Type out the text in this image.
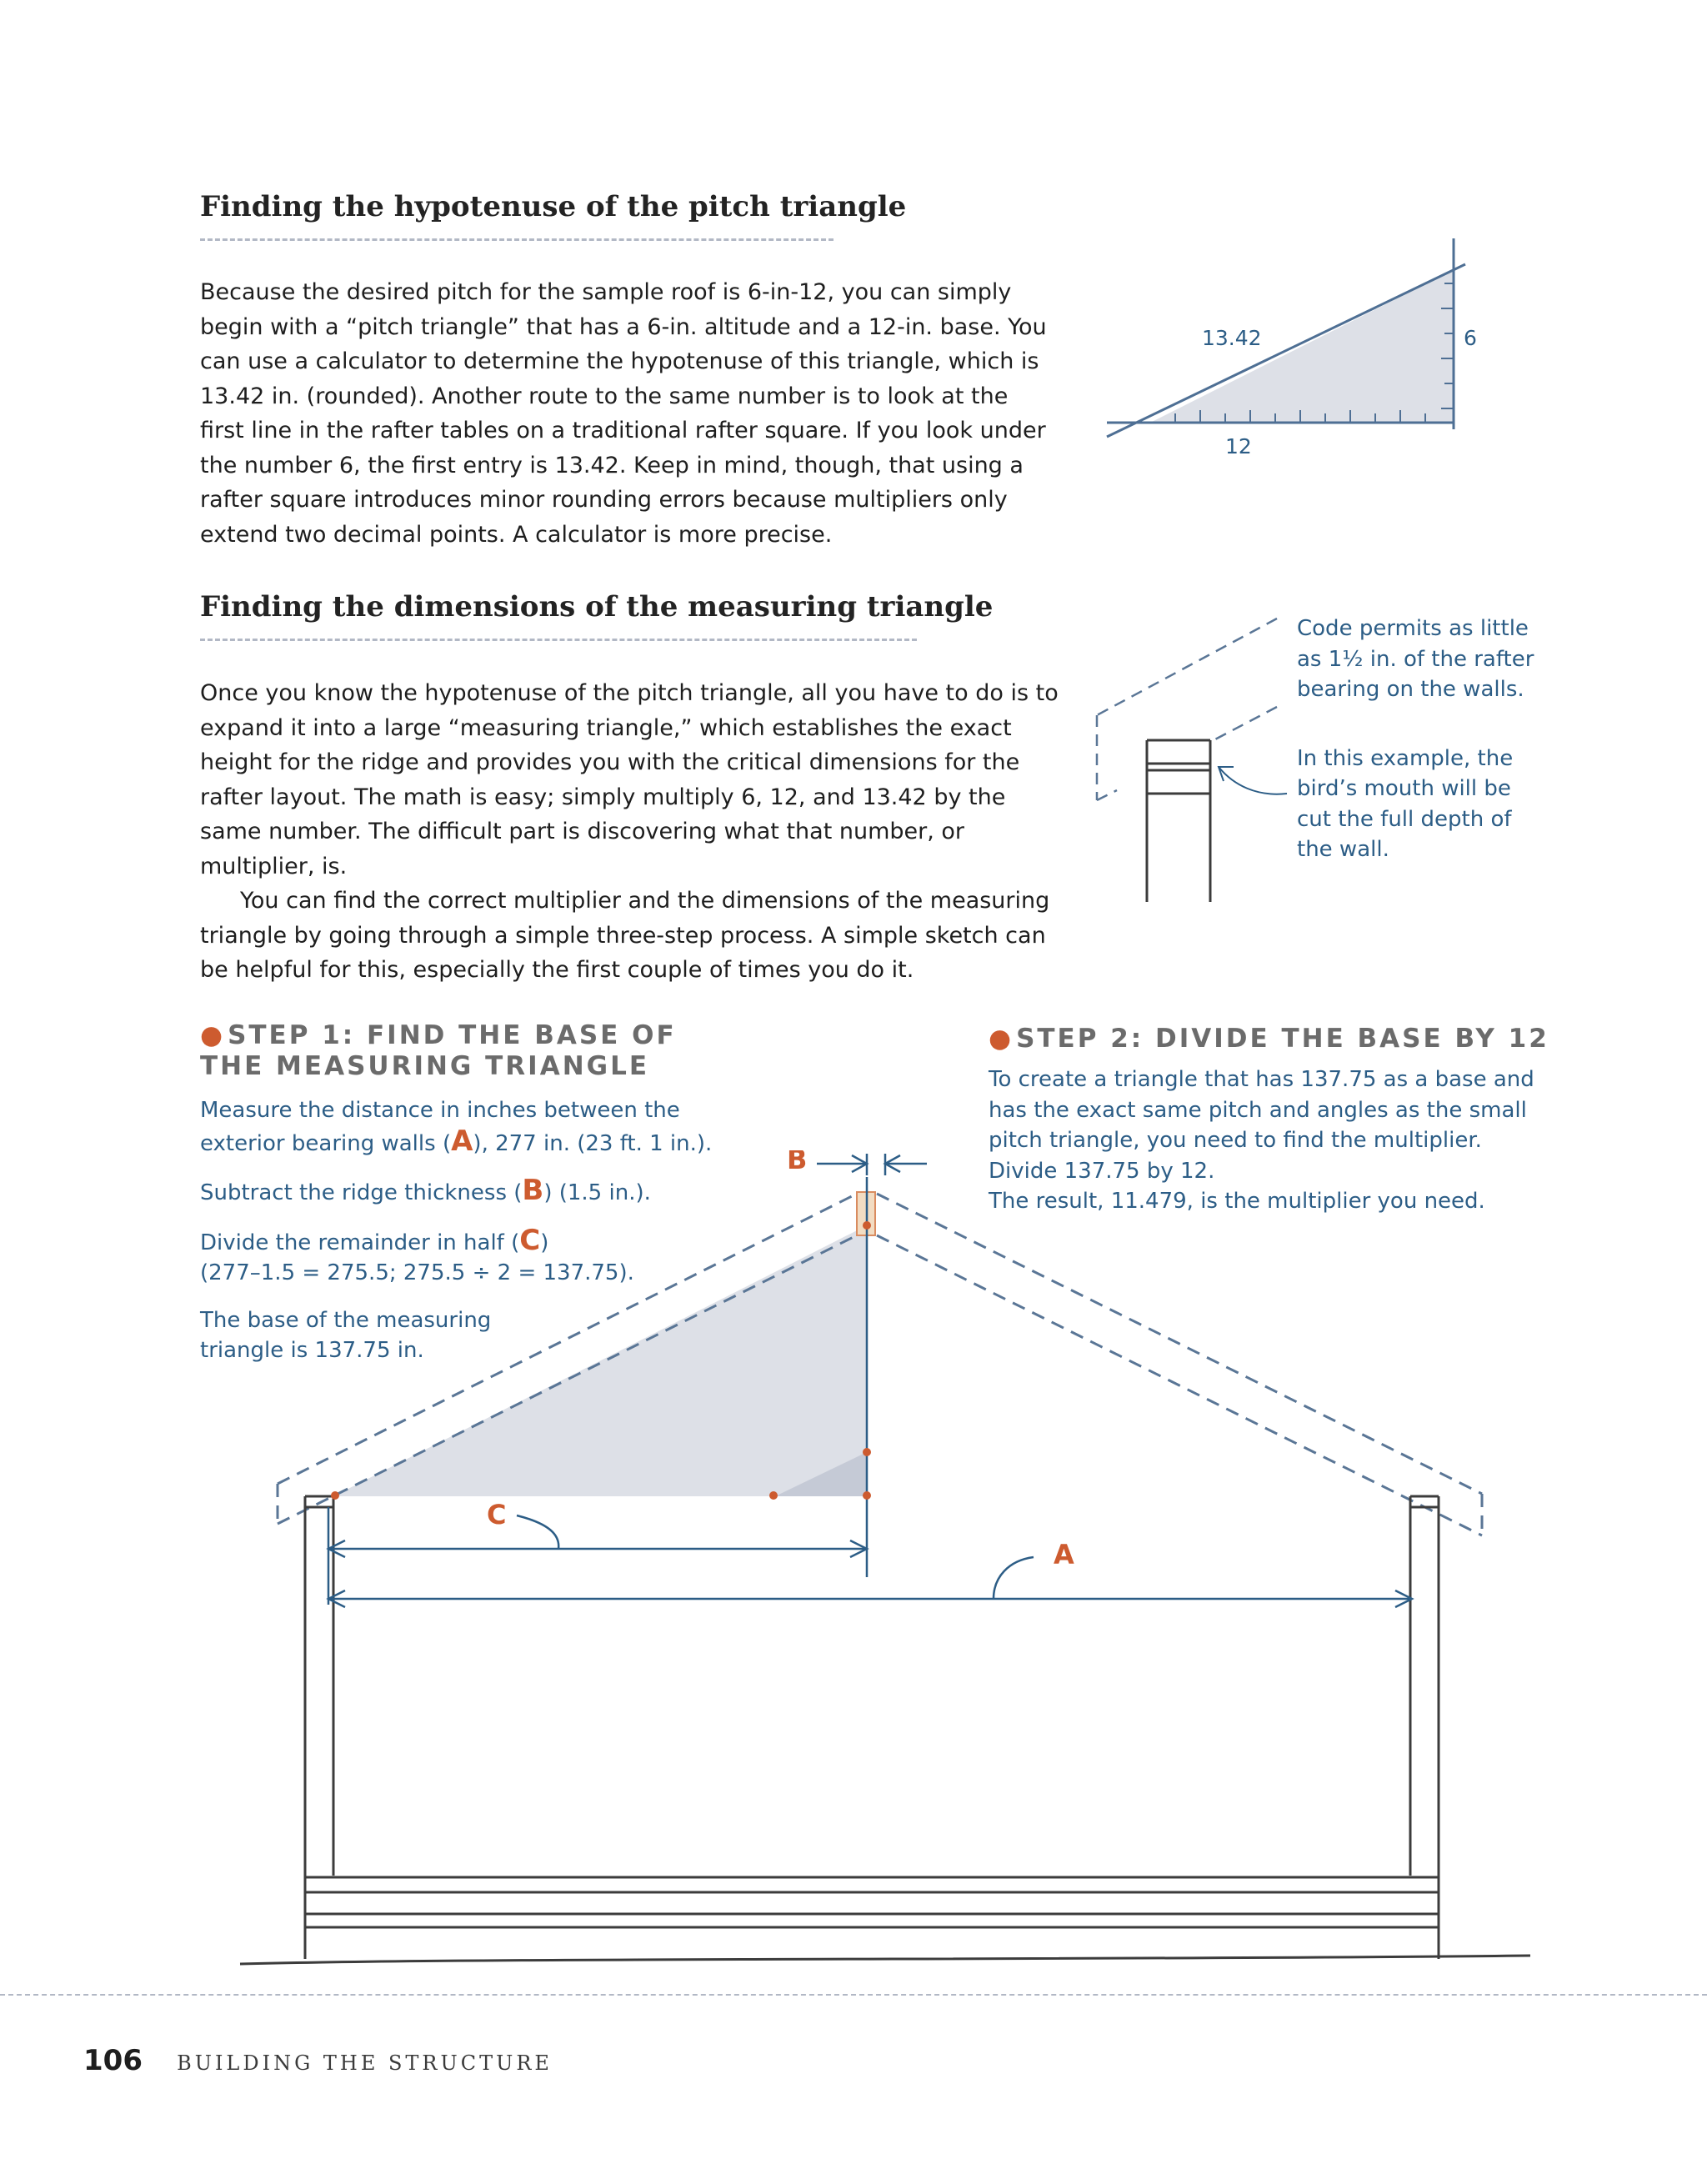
Finding the hypotenuse of the pitch triangle

Because the desired pitch for the sample roof is 6-in-12, you can simply begin with a “pitch triangle” that has a 6-in. altitude and a 12-in. base. You can use a calculator to determine the hypotenuse of this triangle, which is 13.42 in. (rounded). Another route to the same number is to look at the first line in the rafter tables on a traditional rafter square. If you look under the number 6, the first entry is 13.42. Keep in mind, though, that using a rafter square introduces minor rounding errors because multipliers only extend two decimal points. A calculator is more precise.

13.42	6
12
Finding the dimensions of the measuring triangle

Once you know the hypotenuse of the pitch triangle, all you have to do is to expand it into a large “measuring triangle,” which establishes the exact height for the ridge and provides you with the critical dimensions for the rafter layout. The math is easy; simply multiply 6, 12, and 13.42 by the same number. The difficult part is discovering what that number, or multiplier, is.

You can find the correct multiplier and the dimensions of the measuring triangle by going through a simple three-step process. A simple sketch can be helpful for this, especially the first couple of times you do it.

Code permits as little as 1½ in. of the rafter bearing on the walls.

In this example, the bird’s mouth will be cut the full depth of the wall.

C
A
B
● STEP 1: FIND THE BASE OF THE MEASURING TRIANGLE

Measure the distance in inches between the exterior bearing walls (A), 277 in. (23 ft. 1 in.).

Subtract the ridge thickness (B) (1.5 in.).

Divide the remainder in half (C)
(277–1.5 = 275.5; 275.5 ÷ 2 = 137.75).

The base of the measuring triangle is 137.75 in.

● STEP 2: DIVIDE THE BASE BY 12
To create a triangle that has 137.75 as a base and has the exact same pitch and angles as the small pitch triangle, you need to find the multiplier.
Divide 137.75 by 12.
The result, 11.479, is the multiplier you need.
106 BUILDING THE STRUCTURE
